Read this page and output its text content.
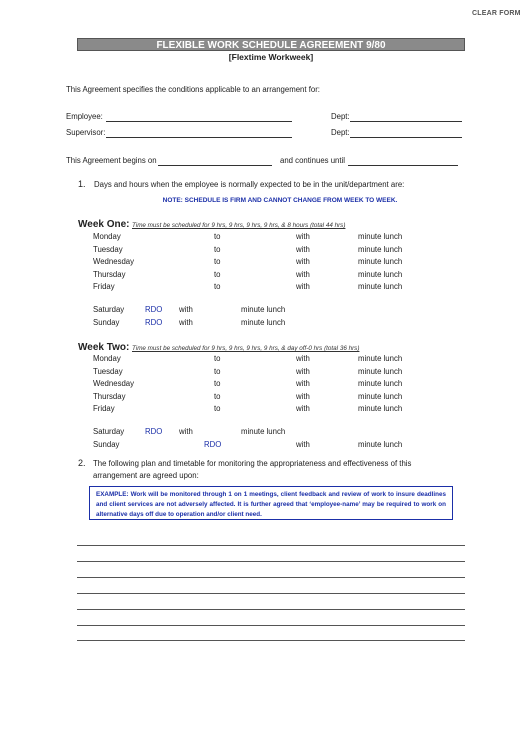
CLEAR FORM
FLEXIBLE WORK SCHEDULE AGREEMENT 9/80
[Flextime Workweek]
This Agreement specifies the conditions applicable to an arrangement for:
Employee:	Dept:
Supervisor:	Dept:
This Agreement begins on	and continues until
1. Days and hours when the employee is normally expected to be in the unit/department are:
NOTE: SCHEDULE IS FIRM AND CANNOT CHANGE FROM WEEK TO WEEK.
Week One: Time must be scheduled for 9 hrs, 9 hrs, 9 hrs, 9 hrs, & 8 hours (total 44 hrs)
Monday	to	with	minute lunch
Tuesday	to	with	minute lunch
Wednesday	to	with	minute lunch
Thursday	to	with	minute lunch
Friday	to	with	minute lunch
Saturday	RDO with	minute lunch
Sunday	RDO with	minute lunch
Week Two: Time must be scheduled for 9 hrs, 9 hrs, 9 hrs, 9 hrs, & day off-0 hrs (total 36 hrs)
Monday	to	with	minute lunch
Tuesday	to	with	minute lunch
Wednesday	to	with	minute lunch
Thursday	to	with	minute lunch
Friday	to	with	minute lunch
Saturday	RDO with	minute lunch
Sunday	RDO	with	minute lunch
2. The following plan and timetable for monitoring the appropriateness and effectiveness of this
arrangement are agreed upon:
EXAMPLE: Work will be monitored through 1 on 1 meetings, client feedback and review of work to insure deadlines and client services are not adversely affected. It is further agreed that ‘employee-name’ may be required to work on alternative days off due to operation and/or client need.
